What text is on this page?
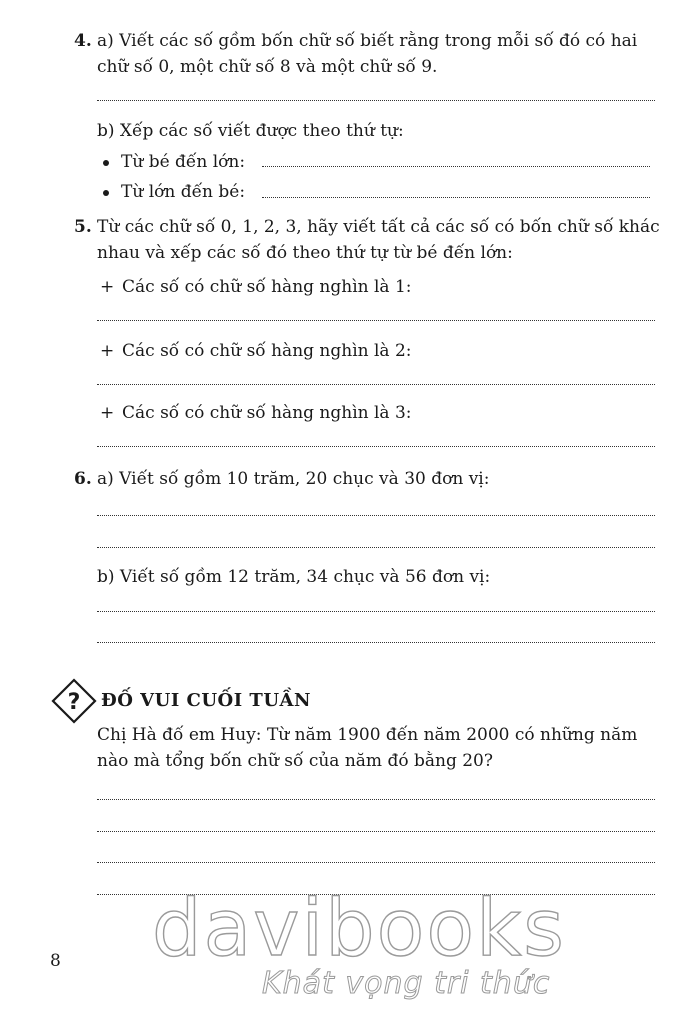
4. a) Viết các số gồm bốn chữ số biết rằng trong mỗi số đó có hai
chữ số 0, một chữ số 8 và một chữ số 9.
b) Xếp các số viết được theo thứ tự:
Từ bé đến lớn:
Từ lớn đến bé:
5. Từ các chữ số 0, 1, 2, 3, hãy viết tất cả các số có bốn chữ số khác
nhau và xếp các số đó theo thứ tự từ bé đến lớn:
+ Các số có chữ số hàng nghìn là 1:
+ Các số có chữ số hàng nghìn là 2:
+ Các số có chữ số hàng nghìn là 3:
6. a) Viết số gồm 10 trăm, 20 chục và 30 đơn vị:
b) Viết số gồm 12 trăm, 34 chục và 56 đơn vị:
? ĐỐ VUI CUỐI TUẦN
Chị Hà đố em Huy: Từ năm 1900 đến năm 2000 có những năm
nào mà tổng bốn chữ số của năm đó bằng 20?
davibooks
Khát vọng tri thức
8
